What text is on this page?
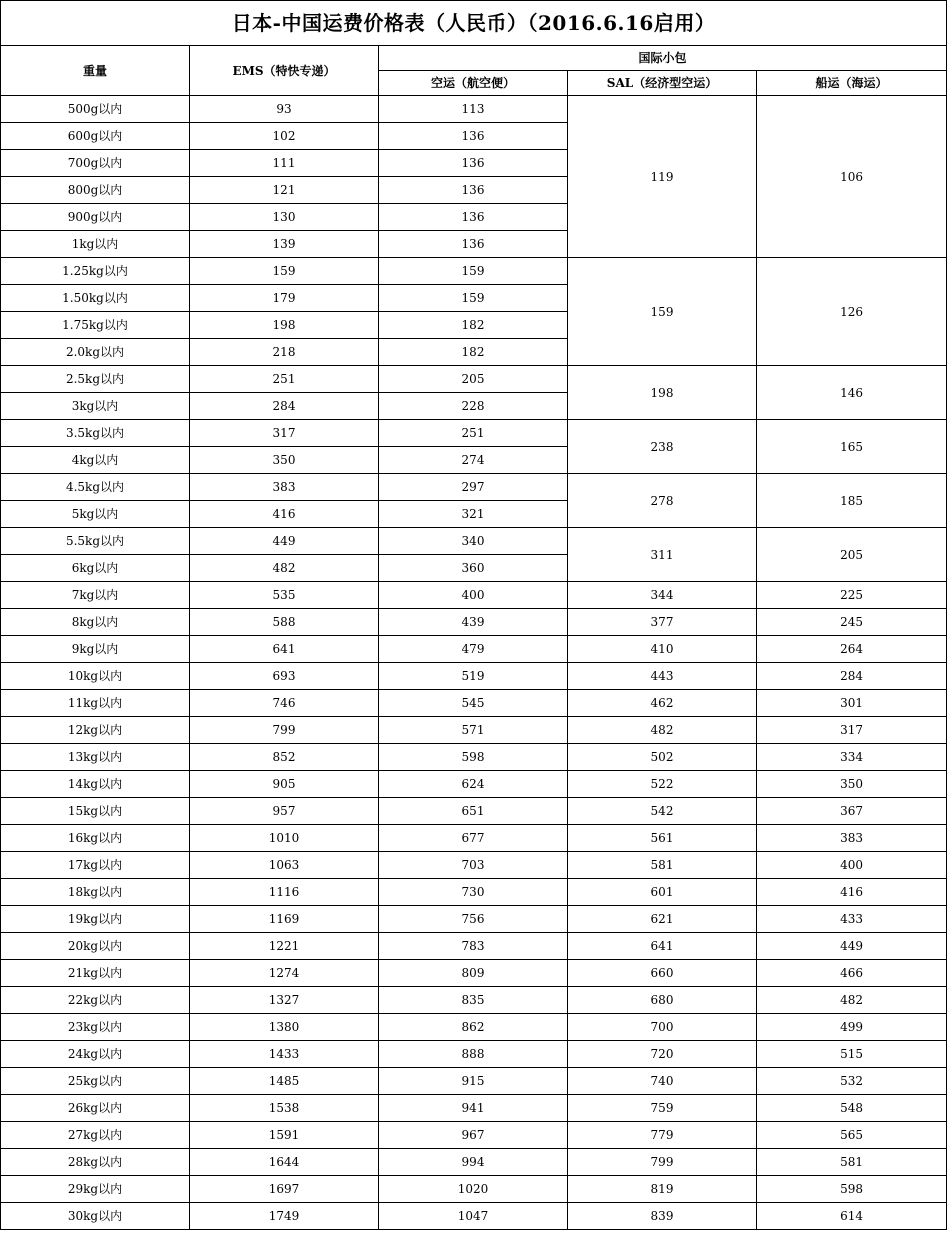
日本-中国运费价格表（人民币）（2016.6.16启用）				
重量	EMS（特快专递）	国际小包		
		空运（航空便）	SAL（经济型空运）	船运（海运）
500g以内	93	113	119	106
600g以内	102	136		
700g以内	111	136		
800g以内	121	136		
900g以内	130	136		
1kg以内	139	136		
1.25kg以内	159	159	159	126
1.50kg以内	179	159		
1.75kg以内	198	182		
2.0kg以内	218	182		
2.5kg以内	251	205	198	146
3kg以内	284	228		
3.5kg以内	317	251	238	165
4kg以内	350	274		
4.5kg以内	383	297	278	185
5kg以内	416	321		
5.5kg以内	449	340	311	205
6kg以内	482	360		
7kg以内	535	400	344	225
8kg以内	588	439	377	245
9kg以内	641	479	410	264
10kg以内	693	519	443	284
11kg以内	746	545	462	301
12kg以内	799	571	482	317
13kg以内	852	598	502	334
14kg以内	905	624	522	350
15kg以内	957	651	542	367
16kg以内	1010	677	561	383
17kg以内	1063	703	581	400
18kg以内	1116	730	601	416
19kg以内	1169	756	621	433
20kg以内	1221	783	641	449
21kg以内	1274	809	660	466
22kg以内	1327	835	680	482
23kg以内	1380	862	700	499
24kg以内	1433	888	720	515
25kg以内	1485	915	740	532
26kg以内	1538	941	759	548
27kg以内	1591	967	779	565
28kg以内	1644	994	799	581
29kg以内	1697	1020	819	598
30kg以内	1749	1047	839	614
